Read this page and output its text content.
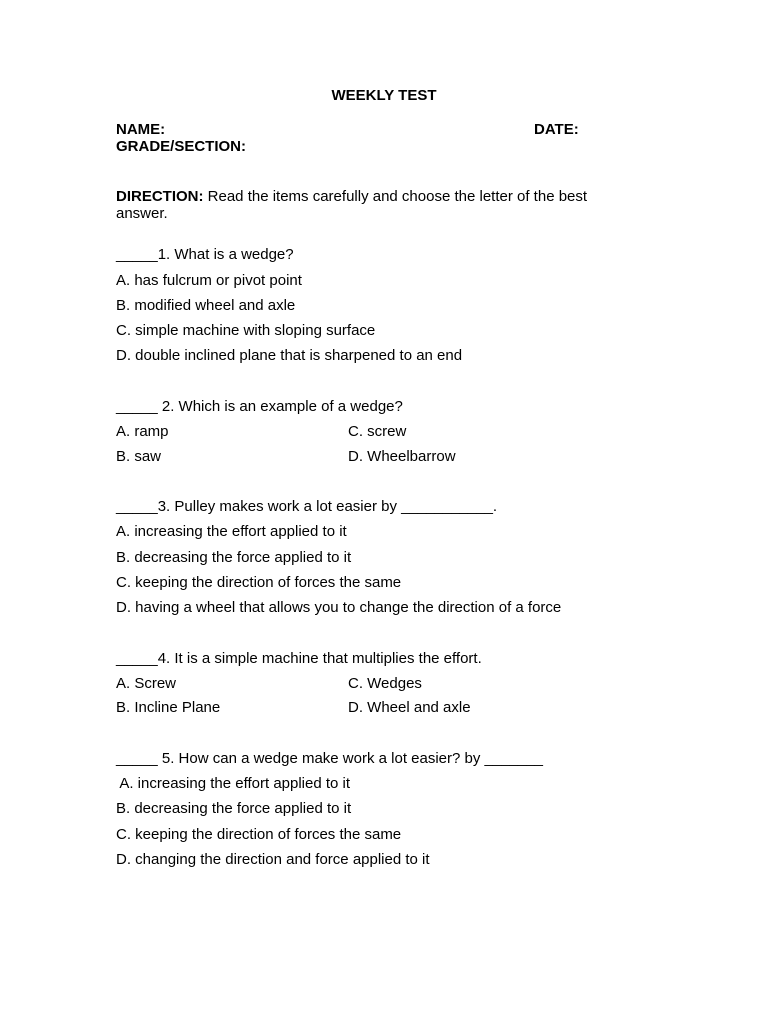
WEEKLY TEST
NAME:	DATE:
GRADE/SECTION:
DIRECTION: Read the items carefully and choose the letter of the best answer.
_____1. What is a wedge?
A. has fulcrum or pivot point
B. modified wheel and axle
C. simple machine with sloping surface
D. double inclined plane that is sharpened to an end
_____ 2. Which is an example of a wedge?
A. ramp	C. screw
B. saw	D. Wheelbarrow
_____3. Pulley makes work a lot easier by ___________.
A. increasing the effort applied to it
B. decreasing the force applied to it
C. keeping the direction of forces the same
D. having a wheel that allows you to change the direction of a force
_____4. It is a simple machine that multiplies the effort.
A. Screw	C. Wedges
B. Incline Plane	D. Wheel and axle
_____ 5. How can a wedge make work a lot easier? by _______
A. increasing the effort applied to it
B. decreasing the force applied to it
C. keeping the direction of forces the same
D. changing the direction and force applied to it
